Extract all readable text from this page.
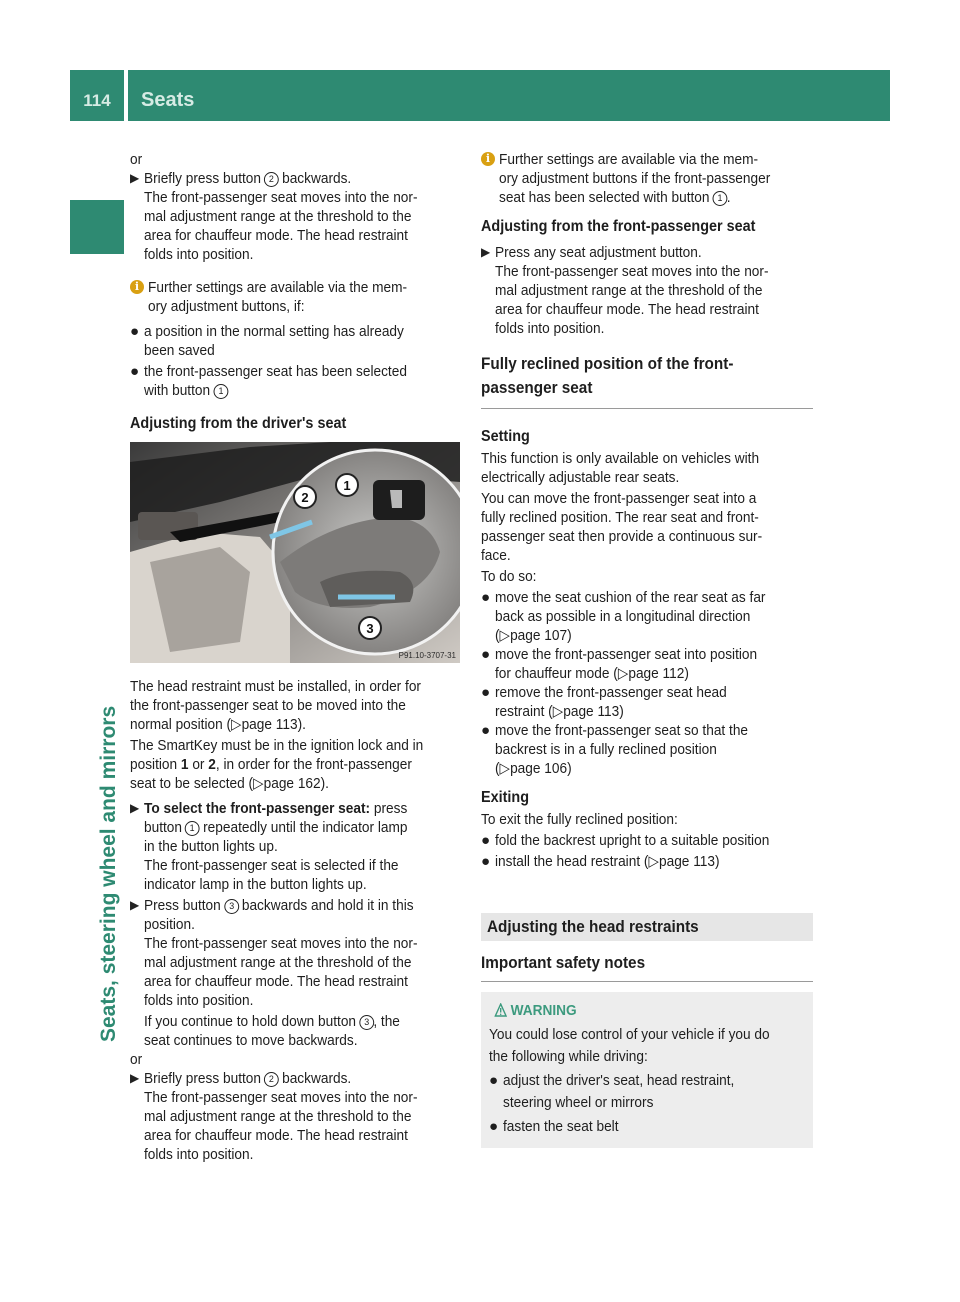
114	Seats
Seats, steering wheel and mirrors
or
▶ Briefly press button 2 backwards.
The front-passenger seat moves into the nor-
mal adjustment range at the threshold to the
area for chauffeur mode. The head restraint
folds into position.
i Further settings are available via the mem-
ory adjustment buttons, if:
● a position in the normal setting has already
been saved
● the front-passenger seat has been selected
with button 1
Adjusting from the driver's seat
2
1
3
P91.10-3707-31
The head restraint must be installed, in order for
the front-passenger seat to be moved into the
normal position (▷page 113).
The SmartKey must be in the ignition lock and in
position 1 or 2, in order for the front-passenger
seat to be selected (▷page 162).
▶ To select the front-passenger seat: press
button 1 repeatedly until the indicator lamp
in the button lights up.
The front-passenger seat is selected if the
indicator lamp in the button lights up.
▶ Press button 3 backwards and hold it in this
position.
The front-passenger seat moves into the nor-
mal adjustment range at the threshold of the
area for chauffeur mode. The head restraint
folds into position.
If you continue to hold down button 3 , the
seat continues to move backwards.
or
▶ Briefly press button 2 backwards.
The front-passenger seat moves into the nor-
mal adjustment range at the threshold to the
area for chauffeur mode. The head restraint
folds into position.
i Further settings are available via the mem-
ory adjustment buttons if the front-passenger
seat has been selected with button 1 .
Adjusting from the front-passenger seat
▶ Press any seat adjustment button.
The front-passenger seat moves into the nor-
mal adjustment range at the threshold of the
area for chauffeur mode. The head restraint
folds into position.
Fully reclined position of the front-
passenger seat
Setting
This function is only available on vehicles with
electrically adjustable rear seats.
You can move the front-passenger seat into a
fully reclined position. The rear seat and front-
passenger seat then provide a continuous sur-
face.
To do so:
● move the seat cushion of the rear seat as far
back as possible in a longitudinal direction
(▷page 107)
● move the front-passenger seat into position
for chauffeur mode (▷page 112)
● remove the front-passenger seat head
restraint (▷page 113)
● move the front-passenger seat so that the
backrest is in a fully reclined position
(▷page 106)
Exiting
To exit the fully reclined position:
● fold the backrest upright to a suitable position
● install the head restraint (▷page 113)
Adjusting the head restraints
Important safety notes
WARNING
You could lose control of your vehicle if you do
the following while driving:
● adjust the driver's seat, head restraint,
steering wheel or mirrors
● fasten the seat belt
